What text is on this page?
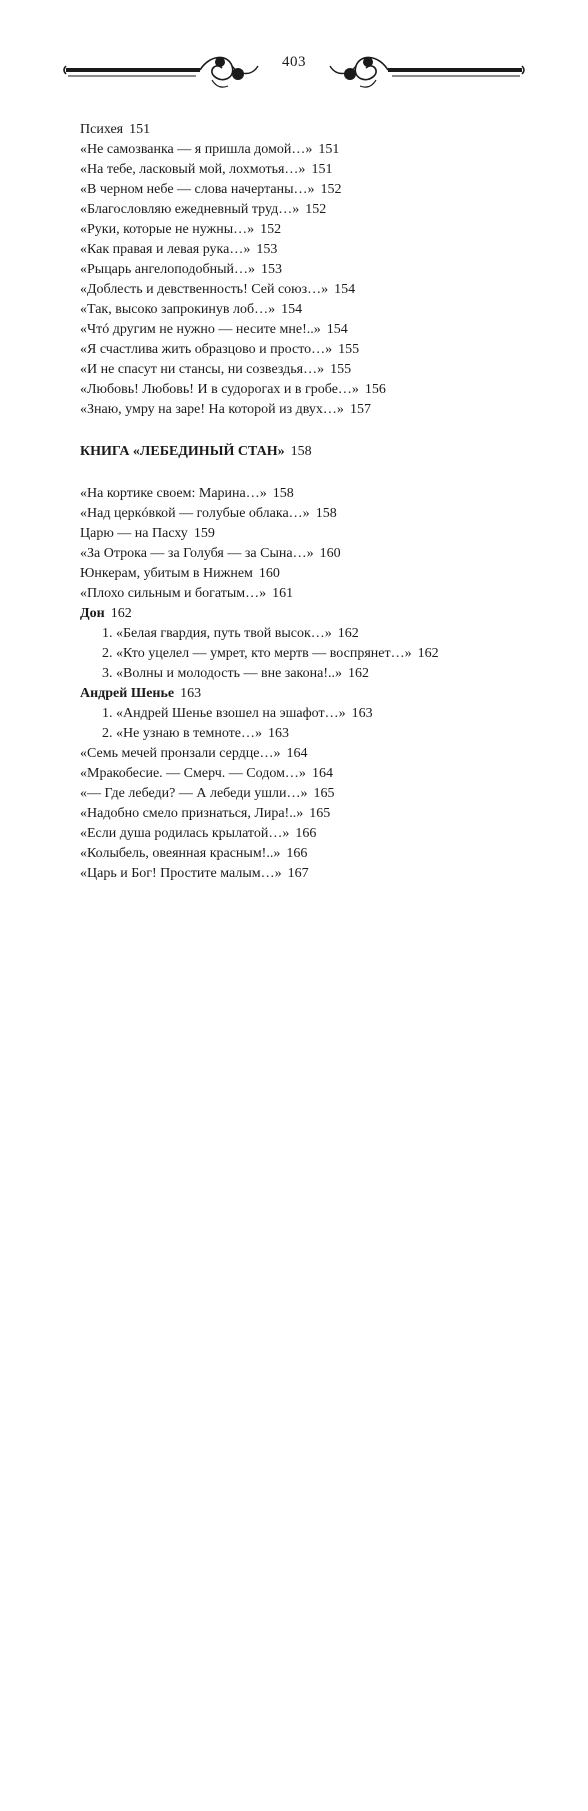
403
Психея 151
«Не самозванка — я пришла домой…» 151
«На тебе, ласковый мой, лохмотья…» 151
«В черном небе — слова начертаны…» 152
«Благословляю ежедневный труд…» 152
«Руки, которые не нужны…» 152
«Как правая и левая рука…» 153
«Рыцарь ангелоподобный…» 153
«Доблесть и девственность! Сей союз…» 154
«Так, высоко запрокинув лоб…» 154
«Чтó другим не нужно — несите мне!..» 154
«Я счастлива жить образцово и просто…» 155
«И не спасут ни стансы, ни созвездья…» 155
«Любовь! Любовь! И в судорогах и в гробе…» 156
«Знаю, умру на заре! На которой из двух…» 157
КНИГА «ЛЕБЕДИНЫЙ СТАН» 158
«На кортике своем: Марина…» 158
«Над церкóвкой — голубые облака…» 158
Царю — на Пасху 159
«За Отрока — за Голубя — за Сына…» 160
Юнкерам, убитым в Нижнем 160
«Плохо сильным и богатым…» 161
Дон 162
1. «Белая гвардия, путь твой высок…» 162
2. «Кто уцелел — умрет, кто мертв — воспрянет…» 162
3. «Волны и молодость — вне закона!..» 162
Андрей Шенье 163
1. «Андрей Шенье взошел на эшафот…» 163
2. «Не узнаю в темноте…» 163
«Семь мечей пронзали сердце…» 164
«Мракобесие. — Смерч. — Содом…» 164
«— Где лебеди? — А лебеди ушли…» 165
«Надобно смело признаться, Лира!..» 165
«Если душа родилась крылатой…» 166
«Колыбель, овеянная красным!..» 166
«Царь и Бог! Простите малым…» 167
